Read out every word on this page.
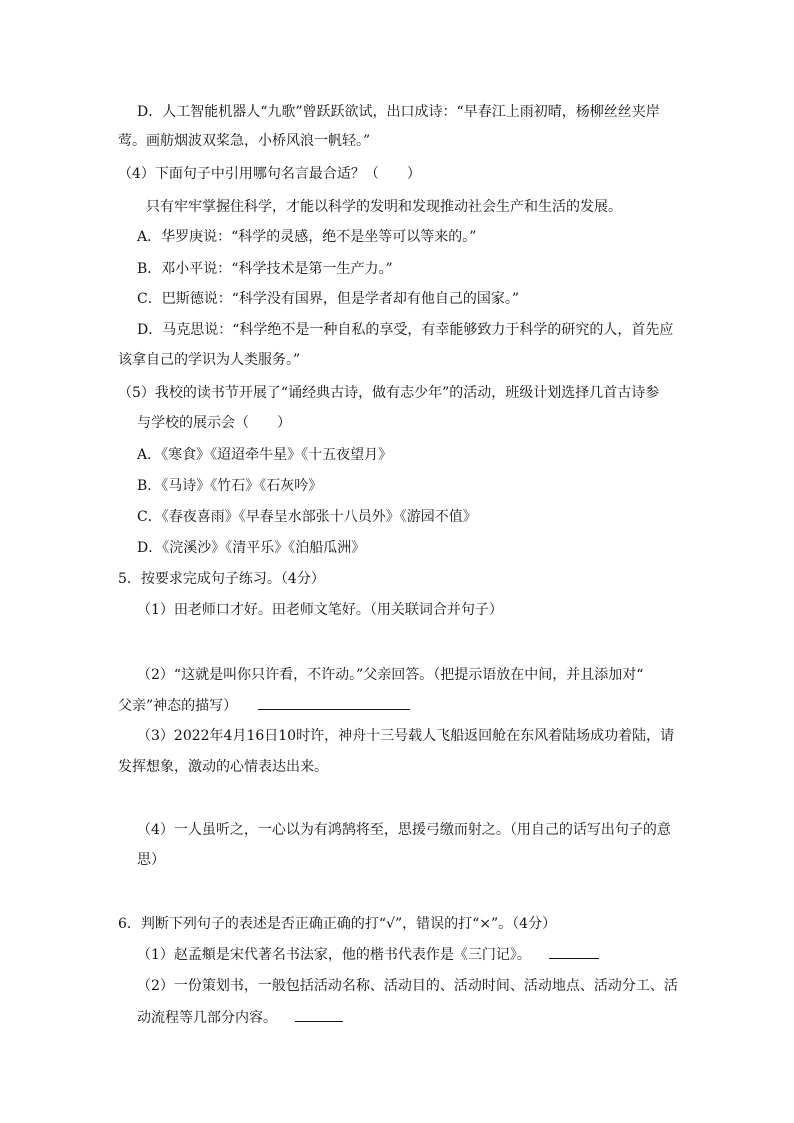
D．人工智能机器人“九歌”曾跃跃欲试，出口成诗：“早春江上雨初晴，杨柳丝丝夹岸
莺。画舫烟波双桨急，小桥风浪一帆轻。”
（4）下面句子中引用哪句名言最合适？（　　）
只有牢牢掌握住科学，才能以科学的发明和发现推动社会生产和生活的发展。
A．华罗庚说：“科学的灵感，绝不是坐等可以等来的。”
B．邓小平说：“科学技术是第一生产力。”
C．巴斯德说：“科学没有国界，但是学者却有他自己的国家。”
D．马克思说：“科学绝不是一种自私的享受，有幸能够致力于科学的研究的人，首先应
该拿自己的学识为人类服务。”
（5）我校的读书节开展了“诵经典古诗，做有志少年”的活动，班级计划选择几首古诗参
与学校的展示会（　　）
A．《寒食》《迢迢牵牛星》《十五夜望月》
B．《马诗》《竹石》《石灰吟》
C．《春夜喜雨》《早春呈水部张十八员外》《游园不值》
D．《浣溪沙》《清平乐》《泊船瓜洲》
5．按要求完成句子练习。（4分）
（1）田老师口才好。田老师文笔好。（用关联词合并句子）
（2）“这就是叫你只许看，不许动。”父亲回答。（把提示语放在中间，并且添加对“
父亲”神态的描写）
（3）2022年4月16日10时许，神舟十三号载人飞船返回舱在东风着陆场成功着陆，请
发挥想象，激动的心情表达出来。
（4）一人虽听之，一心以为有鸿鹄将至，思援弓缴而射之。（用自己的话写出句子的意
思）
6．判断下列句子的表述是否正确正确的打“√”，错误的打“×”。（4分）
（1）赵孟頫是宋代著名书法家，他的楷书代表作是《三门记》。
（2）一份策划书，一般包括活动名称、活动目的、活动时间、活动地点、活动分工、活
动流程等几部分内容。
